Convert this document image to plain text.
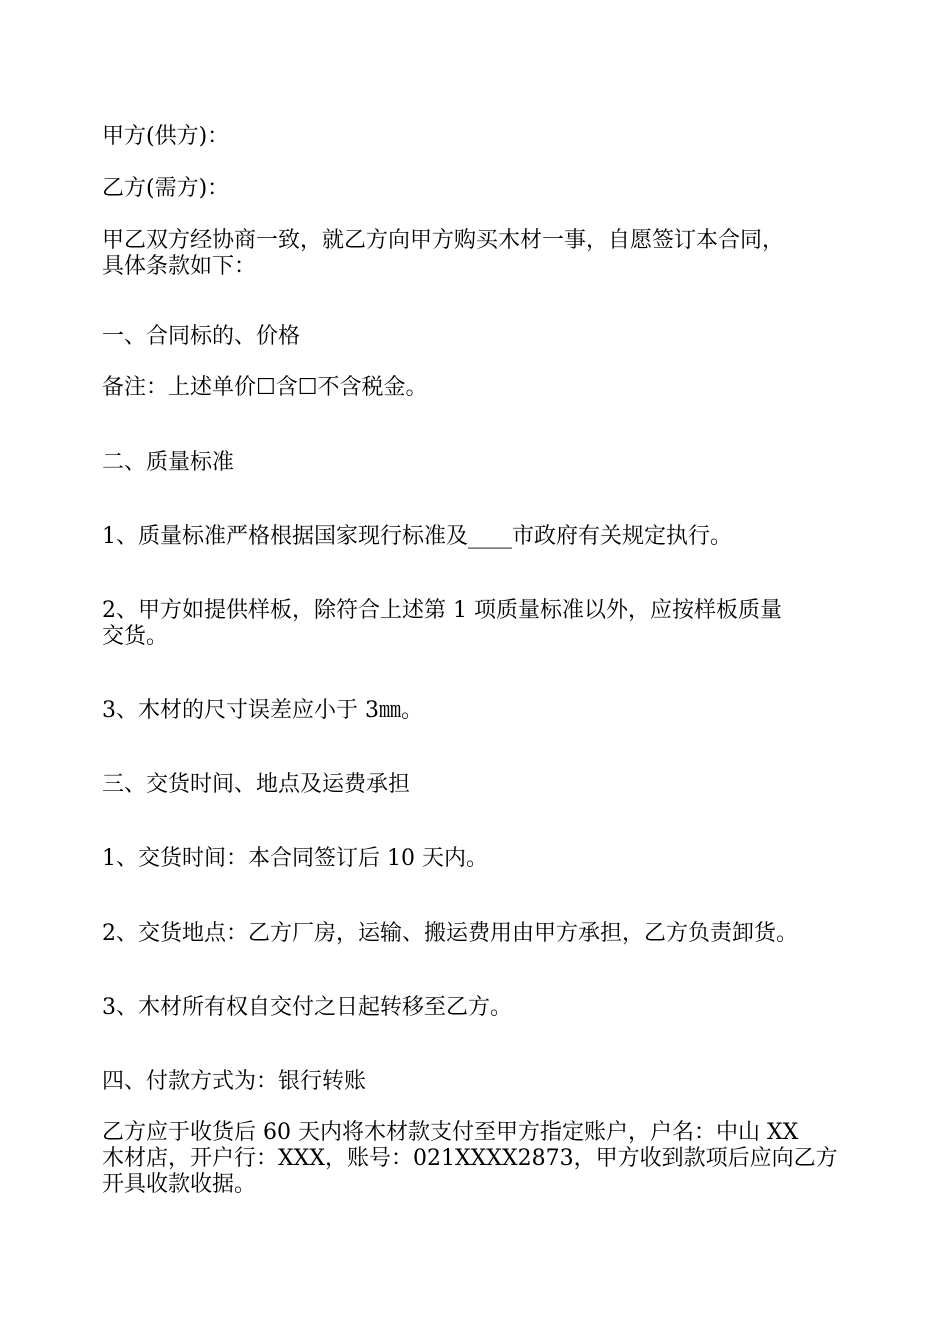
甲方(供方)：

乙方(需方)：

甲乙双方经协商一致，就乙方向甲方购买木材一事，自愿签订本合同，

具体条款如下：

一、合同标的、价格

备注：上述单价☐含☐不含税金。

二、质量标准

1、质量标准严格根据国家现行标准及____市政府有关规定执行。

2、甲方如提供样板，除符合上述第 1 项质量标准以外，应按样板质量

交货。

3、木材的尺寸误差应小于 3㎜。

三、交货时间、地点及运费承担

1、交货时间：本合同签订后 10 天内。

2、交货地点：乙方厂房，运输、搬运费用由甲方承担，乙方负责卸货。

3、木材所有权自交付之日起转移至乙方。

四、付款方式为：银行转账

乙方应于收货后 60 天内将木材款支付至甲方指定账户，户名：中山 XX

木材店，开户行：XXX，账号：021XXXX2873，甲方收到款项后应向乙方

开具收款收据。
